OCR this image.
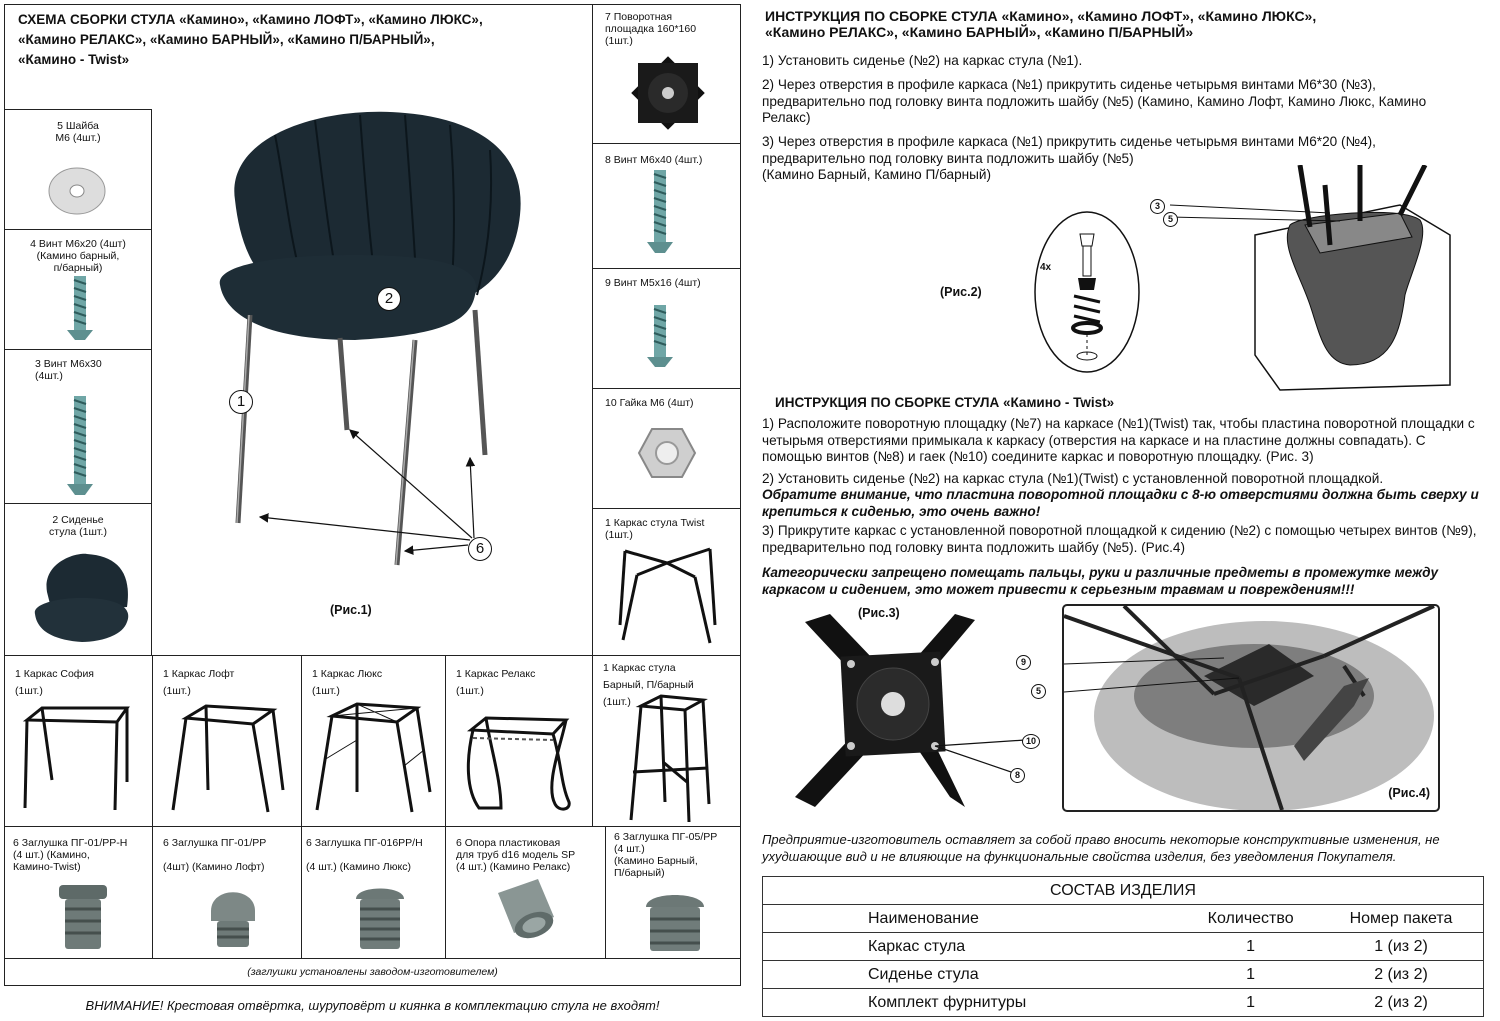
СХЕМА СБОРКИ СТУЛА «Камино», «Камино ЛОФТ», «Камино ЛЮКС»,
«Камино РЕЛАКС», «Камино БАРНЫЙ», «Камино П/БАРНЫЙ»,
«Камино - Twist»
1
2
6
(Рис.1)
5 Шайба
М6 (4шт.)
4 Винт М6х20 (4шт)
(Камино барный,
п/барный)
3 Винт М6х30
(4шт.)
2 Сиденье
стула (1шт.)
7 Поворотная
площадка 160*160
(1шт.)
8 Винт М6х40 (4шт.)
9 Винт М5х16 (4шт)
10 Гайка М6 (4шт)
1 Каркас стула Twist
(1шт.)
1 Каркас София
(1шт.)
1 Каркас Лофт
(1шт.)
1 Каркас Люкс
(1шт.)
1 Каркас Релакс
(1шт.)
1 Каркас стула
Барный, П/барный
(1шт.)
6 Заглушка ПГ-01/РР-Н
(4 шт.) (Камино,
Камино-Twist)
6 Заглушка ПГ-01/РР

(4шт) (Камино Лофт)
6 Заглушка ПГ-016РР/Н

(4 шт.) (Камино Люкс)
6 Опора пластиковая
для труб d16 модель SP
(4 шт.) (Камино Релакс)
6 Заглушка ПГ-05/РР
(4 шт.)
(Камино Барный,
П/барный)
(заглушки установлены заводом-изготовителем)
ВНИМАНИЕ! Крестовая отвёртка, шуруповёрт и киянка в комплектацию стула не входят!
ИНСТРУКЦИЯ ПО СБОРКЕ СТУЛА «Камино», «Камино ЛОФТ», «Камино ЛЮКС»,
«Камино РЕЛАКС», «Камино БАРНЫЙ», «Камино П/БАРНЫЙ»
1) Установить сиденье (№2) на каркас стула (№1).
2) Через отверстия в профиле каркаса (№1) прикрутить сиденье четырьмя винтами М6*30 (№3), предварительно под головку винта подложить шайбу (№5) (Камино, Камино Лофт, Камино Люкс, Камино Релакс)
3) Через отверстия в профиле каркаса (№1) прикрутить сиденье четырьмя винтами М6*20 (№4), предварительно под головку винта подложить шайбу (№5)
(Камино Барный, Камино П/барный)
(Рис.2)
4x
3
5
ИНСТРУКЦИЯ ПО СБОРКЕ СТУЛА «Камино - Twist»
1) Расположите поворотную площадку (№7) на каркасе (№1)(Twist) так, чтобы пластина поворотной площадки с четырьмя отверстиями примыкала к каркасу (отверстия на каркасе и на пластине должны совпадать). С помощью винтов (№8) и гаек (№10) соедините каркас и поворотную площадку. (Рис. 3)
2) Установить сиденье (№2) на каркас стула (№1)(Twist) с установленной поворотной площадкой.
Обратите внимание, что пластина поворотной площадки с 8-ю отверстиями должна быть сверху и крепиться к сиденью, это очень важно!
3) Прикрутите каркас с установленной поворотной площадкой к сидению (№2) с помощью четырех винтов (№9), предварительно под головку винта подложить шайбу (№5). (Рис.4)
Категорически запрещено помещать пальцы, руки и различные предметы в промежутке между каркасом и сидением, это может привести к серьезным травмам и повреждениям!!!
(Рис.3)
10
8
(Рис.4)
9
5
Предприятие-изготовитель оставляет за собой право вносить некоторые конструктивные изменения, не ухудшающие вид и не влияющие на функциональные свойства изделия, без уведомления Покупателя.
СОСТАВ ИЗДЕЛИЯ		
Наименование	Количество	Номер пакета
Каркас стула	1	1 (из 2)
Сиденье стула	1	2 (из 2)
Комплект фурнитуры	1	2 (из 2)
